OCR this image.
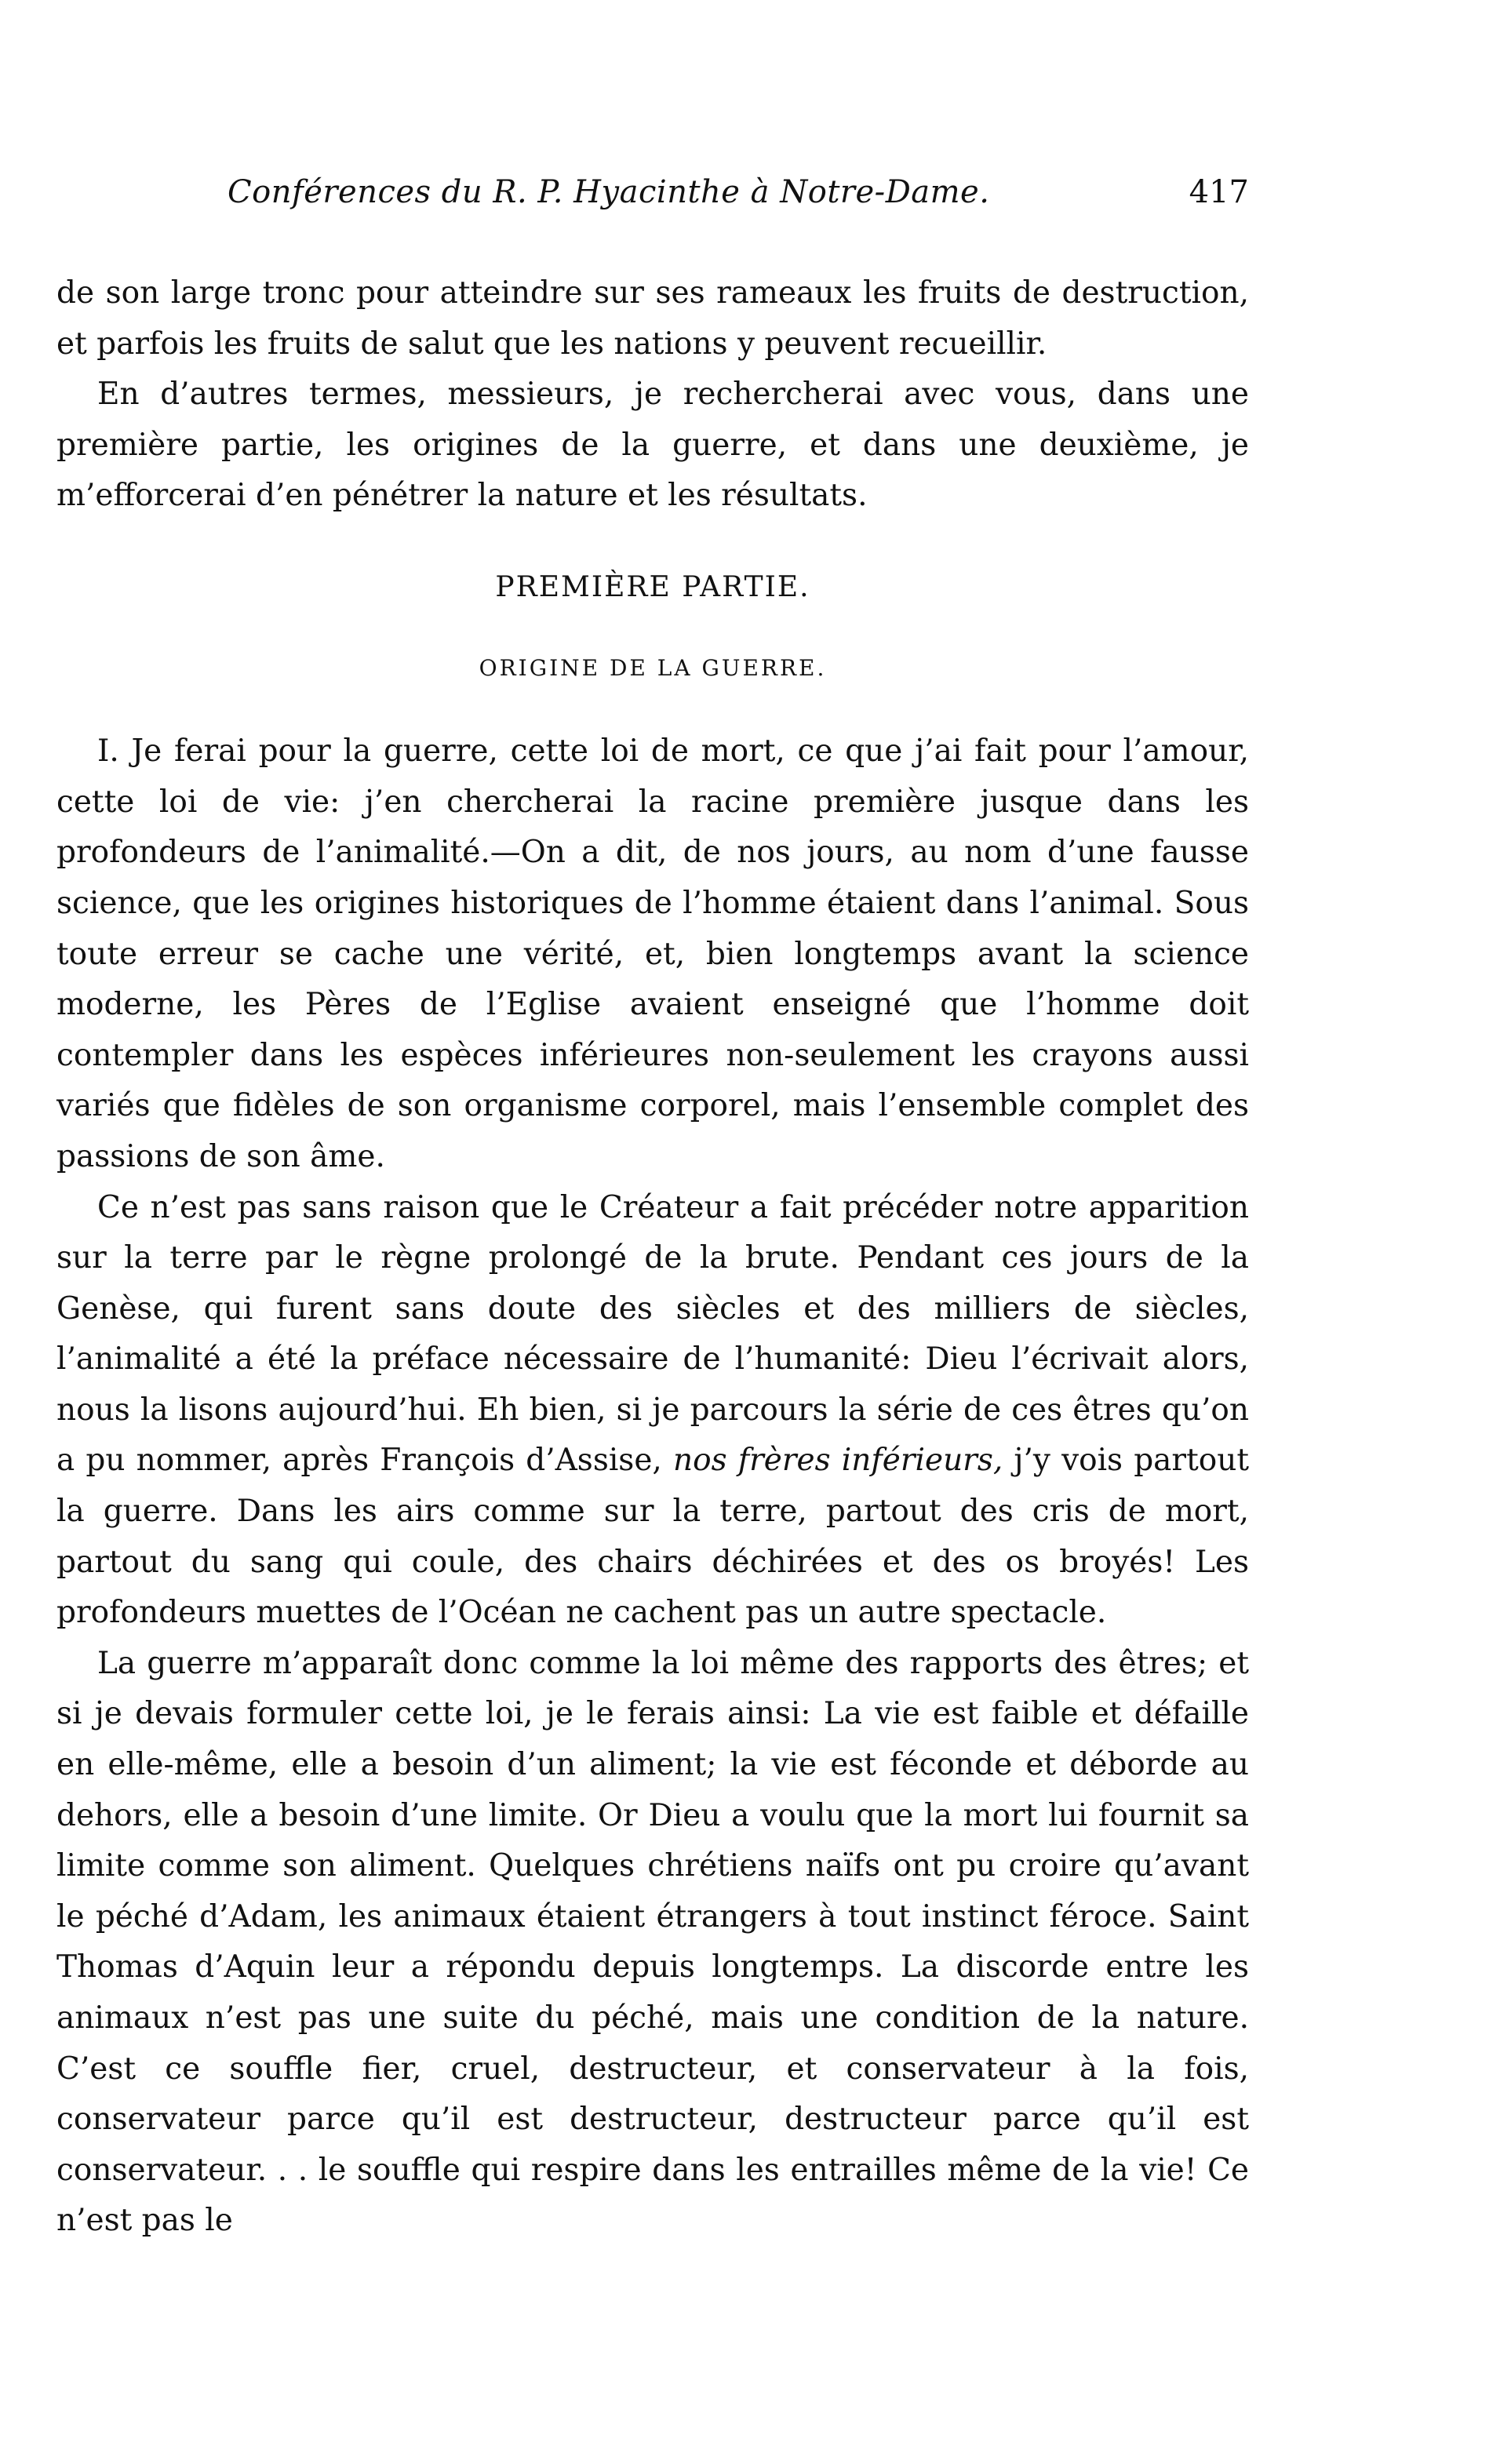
Conférences du R. P. Hyacinthe à Notre-Dame.	417

de son large tronc pour atteindre sur ses rameaux les fruits de destruction, et parfois les fruits de salut que les nations y peuvent recueillir.

En d’autres termes, messieurs, je rechercherai avec vous, dans une première partie, les origines de la guerre, et dans une deuxième, je m’efforcerai d’en pénétrer la nature et les résultats.

PREMIÈRE PARTIE.
ORIGINE DE LA GUERRE.

I. Je ferai pour la guerre, cette loi de mort, ce que j’ai fait pour l’amour, cette loi de vie: j’en chercherai la racine première jusque dans les profondeurs de l’animalité.—On a dit, de nos jours, au nom d’une fausse science, que les origines historiques de l’homme étaient dans l’animal. Sous toute erreur se cache une vérité, et, bien longtemps avant la science moderne, les Pères de l’Eglise avaient enseigné que l’homme doit contempler dans les espèces inférieures non-seulement les crayons aussi variés que fidèles de son organisme corporel, mais l’ensemble complet des passions de son âme.

Ce n’est pas sans raison que le Créateur a fait précéder notre apparition sur la terre par le règne prolongé de la brute. Pendant ces jours de la Genèse, qui furent sans doute des siècles et des milliers de siècles, l’animalité a été la préface nécessaire de l’humanité: Dieu l’écrivait alors, nous la lisons aujourd’hui. Eh bien, si je parcours la série de ces êtres qu’on a pu nommer, après François d’Assise, nos frères inférieurs, j’y vois partout la guerre. Dans les airs comme sur la terre, partout des cris de mort, partout du sang qui coule, des chairs déchirées et des os broyés! Les profondeurs muettes de l’Océan ne cachent pas un autre spectacle.

La guerre m’apparaît donc comme la loi même des rapports des êtres; et si je devais formuler cette loi, je le ferais ainsi: La vie est faible et défaille en elle-même, elle a besoin d’un aliment; la vie est féconde et déborde au dehors, elle a besoin d’une limite. Or Dieu a voulu que la mort lui fournit sa limite comme son aliment. Quelques chrétiens naïfs ont pu croire qu’avant le péché d’Adam, les animaux étaient étrangers à tout instinct féroce. Saint Thomas d’Aquin leur a répondu depuis longtemps. La discorde entre les animaux n’est pas une suite du péché, mais une condition de la nature. C’est ce souffle fier, cruel, destructeur, et conservateur à la fois, conservateur parce qu’il est destructeur, destructeur parce qu’il est conservateur. . . le souffle qui respire dans les entrailles même de la vie! Ce n’est pas le
